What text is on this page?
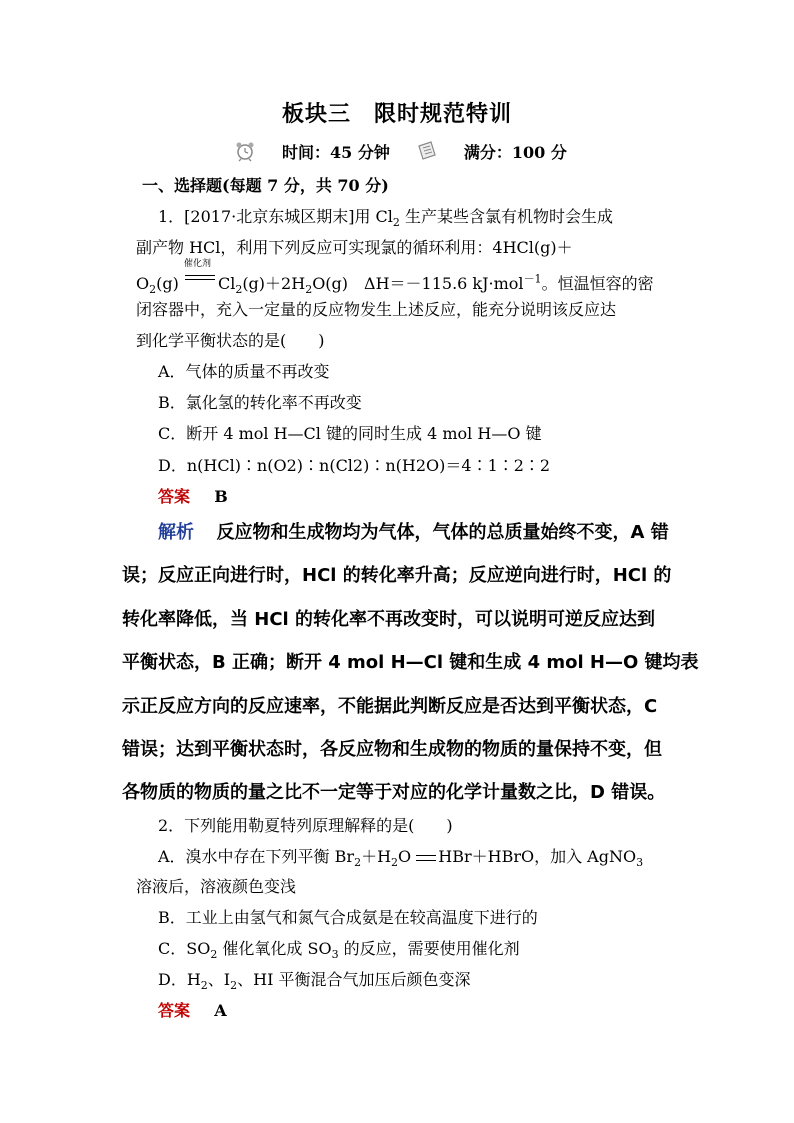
板块三　限时规范特训
时间：45 分钟	满分：100 分
一、选择题(每题 7 分，共 70 分)
1．[2017·北京东城区期末]用 $Cl_2$ 生产某些含氯有机物时会生成
副产物 HCl，利用下列反应可实现氯的循环利用：4HCl(g)＋
$O_2(g)$
催化剂
$Cl_2(g)+2H_2O(g)$　ΔH＝－115.6 kJ·mol$^{-1}$。恒温恒容的密
闭容器中，充入一定量的反应物发生上述反应，能充分说明该反应达
到化学平衡状态的是(　　)
A．气体的质量不再改变
B．氯化氢的转化率不再改变
C．断开 4 mol H—Cl 键的同时生成 4 mol H—O 键
D．n(HCl)∶n(O2)∶n(Cl2)∶n(H2O)＝4∶1∶2∶2
答案 B
解析 反应物和生成物均为气体，气体的总质量始终不变，A 错
误；反应正向进行时，HCl 的转化率升高；反应逆向进行时，HCl 的
转化率降低，当 HCl 的转化率不再改变时，可以说明可逆反应达到
平衡状态，B 正确；断开 4 mol H—Cl 键和生成 4 mol H—O 键均表
示正反应方向的反应速率，不能据此判断反应是否达到平衡状态，C
错误；达到平衡状态时，各反应物和生成物的物质的量保持不变，但
各物质的物质的量之比不一定等于对应的化学计量数之比，D 错误。
2．下列能用勒夏特列原理解释的是(　　)
A．溴水中存在下列平衡 $Br_2+H_2O$ HBr＋HBrO，加入 AgNO$_3$
溶液后，溶液颜色变浅
B．工业上由氢气和氮气合成氨是在较高温度下进行的
C．$SO_2$ 催化氧化成 $SO_3$ 的反应，需要使用催化剂
D．$H_2$、$I_2$、HI 平衡混合气加压后颜色变深
答案 A
